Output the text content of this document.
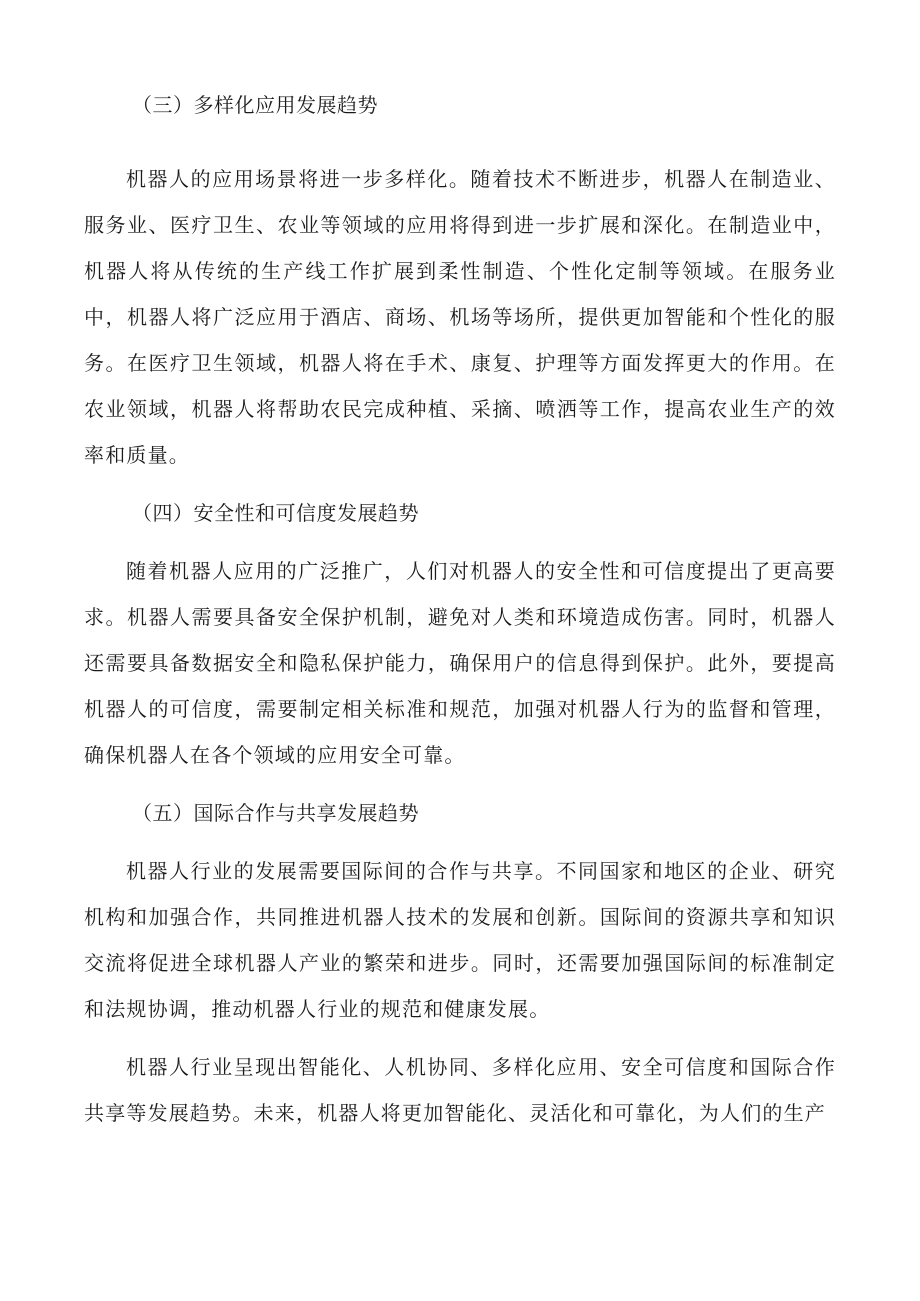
（三）多样化应用发展趋势

机器人的应用场景将进一步多样化。随着技术不断进步，机器人在制造业、服务业、医疗卫生、农业等领域的应用将得到进一步扩展和深化。在制造业中，机器人将从传统的生产线工作扩展到柔性制造、个性化定制等领域。在服务业中，机器人将广泛应用于酒店、商场、机场等场所，提供更加智能和个性化的服务。在医疗卫生领域，机器人将在手术、康复、护理等方面发挥更大的作用。在农业领域，机器人将帮助农民完成种植、采摘、喷洒等工作，提高农业生产的效率和质量。

（四）安全性和可信度发展趋势

随着机器人应用的广泛推广，人们对机器人的安全性和可信度提出了更高要求。机器人需要具备安全保护机制，避免对人类和环境造成伤害。同时，机器人还需要具备数据安全和隐私保护能力，确保用户的信息得到保护。此外，要提高机器人的可信度，需要制定相关标准和规范，加强对机器人行为的监督和管理，确保机器人在各个领域的应用安全可靠。

（五）国际合作与共享发展趋势

机器人行业的发展需要国际间的合作与共享。不同国家和地区的企业、研究机构和加强合作，共同推进机器人技术的发展和创新。国际间的资源共享和知识交流将促进全球机器人产业的繁荣和进步。同时，还需要加强国际间的标准制定和法规协调，推动机器人行业的规范和健康发展。

机器人行业呈现出智能化、人机协同、多样化应用、安全可信度和国际合作共享等发展趋势。未来，机器人将更加智能化、灵活化和可靠化，为人们的生产
